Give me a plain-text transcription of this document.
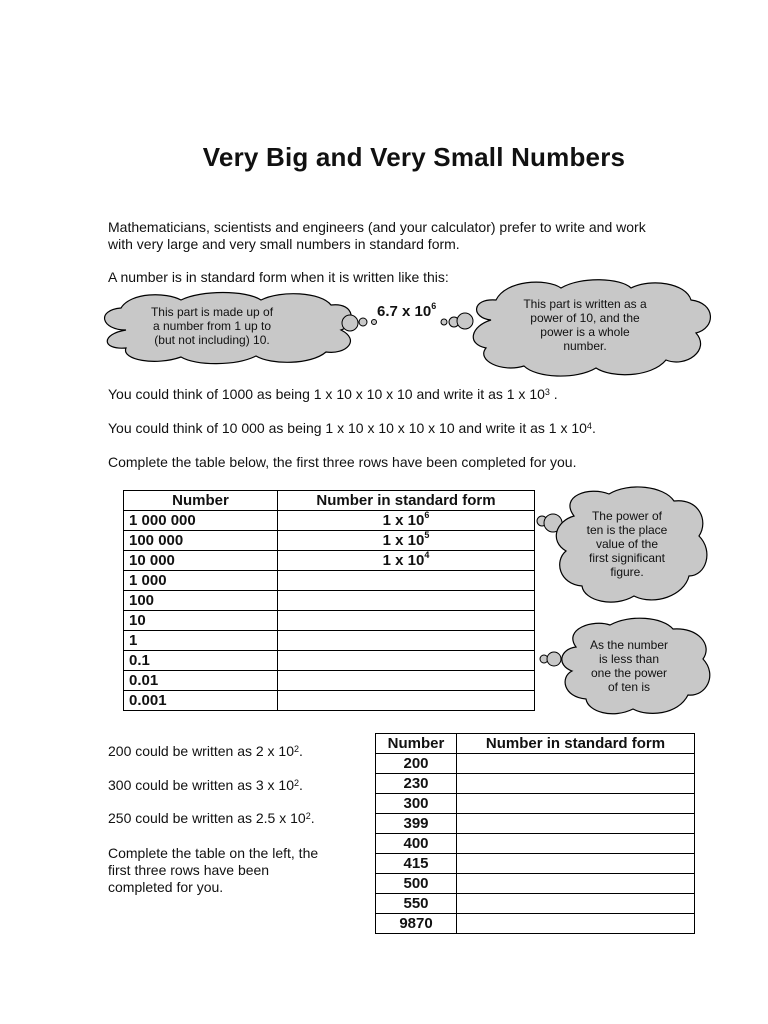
Very Big and Very Small Numbers
Mathematicians, scientists and engineers (and your calculator) prefer to write and work
with very large and very small numbers in standard form.
A number is in standard form when it is written like this:
This part is made up of
a number from 1 up to
(but not including) 10.
6.7 x $10^6$	This part is written as a
power of 10, and the
power is a whole
number.
You could think of 1000 as being 1 x 10 x 10 x 10 and write it as 1 x $10^3$ .
You could think of 10 000 as being 1 x 10 x 10 x 10 x 10 and write it as 1 x $10^4$.
Complete the table below, the first three rows have been completed for you.
Number	Number in standard form
1 000 000	1 x $10^6$
100 000	1 x $10^5$
10 000	1 x $10^4$
1 000	
100	
10	
1	
0.1	
0.01	
0.001	
The power of
ten is the place
value of the
first significant
figure.
As the number
is less than
one the power
of ten is
200 could be written as 2 x $10^2$.
300 could be written as 3 x $10^2$.
250 could be written as 2.5 x $10^2$.
Complete the table on the left, the
first three rows have been
completed for you.
Number	Number in standard form
200	
230	
300	
399	
400	
415	
500	
550	
9870	
